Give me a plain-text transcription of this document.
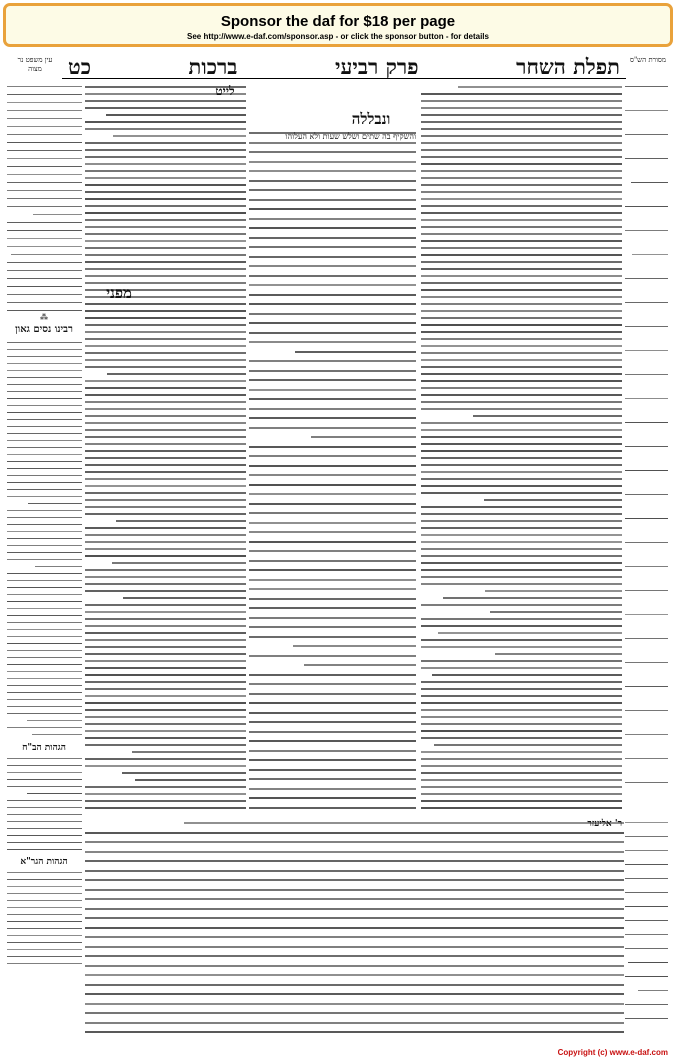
Sponsor the daf for $18 per page
See http://www.e-daf.com/sponsor.asp - or click the sponsor button - for details
מסורת הש"ס
תפלת השחר
פרק רביעי
ברכות
כט
עין משפט נר מצוה
והשקיף בה שתים ושלש שעות ולא העלוהו
ונבללה
לייט
מפני
⁂
רבינו נסים גאון
הגהות הב"ח
הגהות הגר"א
ר' אליעזר
Copyright (c) www.e-daf.com
